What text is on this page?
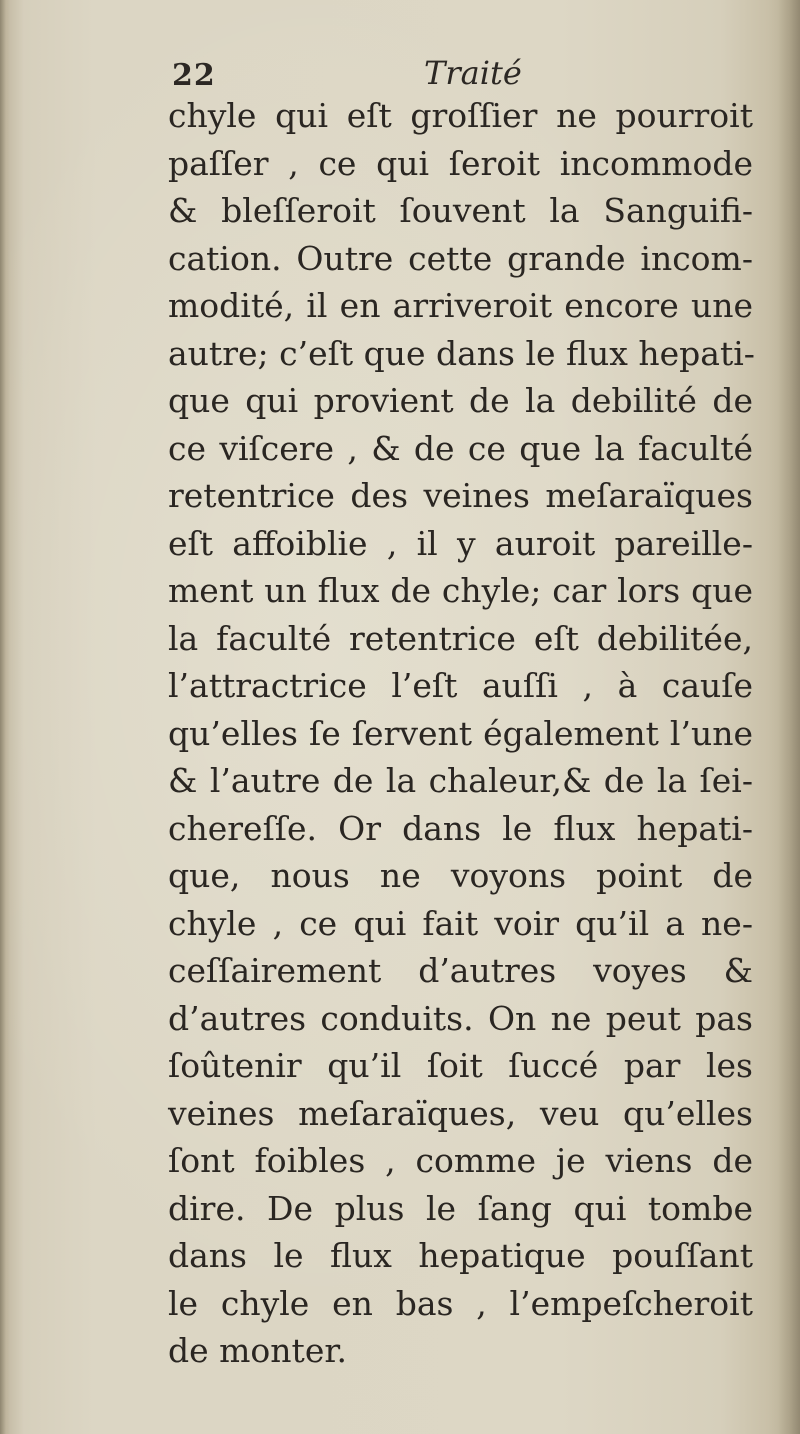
22	Traité
chyle qui eſt groſſier ne pourroit
paſſer , ce qui ſeroit incommode
& bleſſeroit ſouvent la Sanguifi-
cation. Outre cette grande incom-
modité, il en arriveroit encore une
autre; c’eſt que dans le flux hepati-
que qui provient de la debilité de
ce viſcere , & de ce que la faculté
retentrice des veines meſaraïques
eſt affoiblie , il y auroit pareille-
ment un flux de chyle; car lors que
la faculté retentrice eſt debilitée,
l’attractrice l’eſt auſſi , à cauſe
qu’elles ſe ſervent également l’une
& l’autre de la chaleur,& de la ſei-
chereſſe. Or dans le flux hepati-
que, nous ne voyons point de
chyle , ce qui fait voir qu’il a ne-
ceſſairement d’autres voyes &
d’autres conduits. On ne peut pas
ſoûtenir qu’il ſoit ſuccé par les
veines meſaraïques, veu qu’elles
ſont foibles , comme je viens de
dire. De plus le ſang qui tombe
dans le flux hepatique pouſſant
le chyle en bas , l’empeſcheroit
de monter.
